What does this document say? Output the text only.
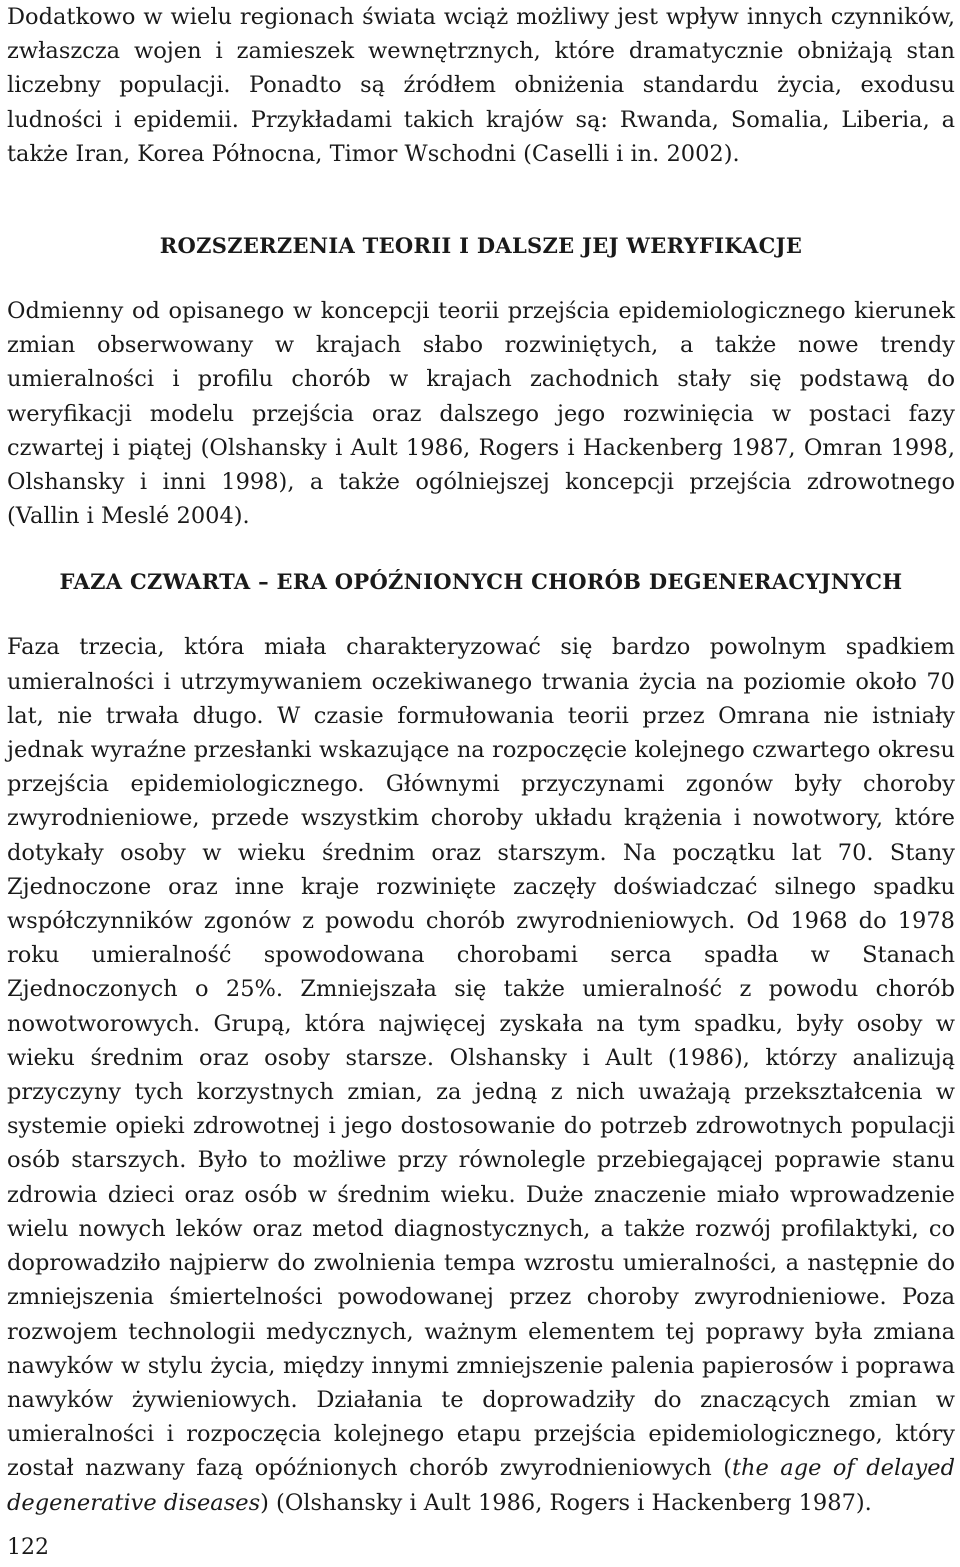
Dodatkowo w wielu regionach świata wciąż możliwy jest wpływ innych czynników, zwłaszcza wojen i zamieszek wewnętrznych, które dramatycznie obniżają stan liczebny populacji. Ponadto są źródłem obniżenia standardu życia, exodusu ludności i epidemii. Przykładami takich krajów są: Rwanda, Somalia, Liberia, a także Iran, Korea Północna, Timor Wschodni (Caselli i in. 2002).

ROZSZERZENIA TEORII I DALSZE JEJ WERYFIKACJE

Odmienny od opisanego w koncepcji teorii przejścia epidemiologicznego kierunek zmian obserwowany w krajach słabo rozwiniętych, a także nowe trendy umieralności i profilu chorób w krajach zachodnich stały się podstawą do weryfikacji modelu przejścia oraz dalszego jego rozwinięcia w postaci fazy czwartej i piątej (Olshansky i Ault 1986, Rogers i Hackenberg 1987, Omran 1998, Olshansky i inni 1998), a także ogólniejszej koncepcji przejścia zdrowotnego (Vallin i Meslé 2004).

FAZA CZWARTA – ERA OPÓŹNIONYCH CHORÓB DEGENERACYJNYCH

Faza trzecia, która miała charakteryzować się bardzo powolnym spadkiem umieralności i utrzymywaniem oczekiwanego trwania życia na poziomie około 70 lat, nie trwała długo. W czasie formułowania teorii przez Omrana nie istniały jednak wyraźne przesłanki wskazujące na rozpoczęcie kolejnego czwartego okresu przejścia epidemiologicznego. Głównymi przyczynami zgonów były choroby zwyrodnieniowe, przede wszystkim choroby układu krążenia i nowotwory, które dotykały osoby w wieku średnim oraz starszym. Na początku lat 70. Stany Zjednoczone oraz inne kraje rozwinięte zaczęły doświadczać silnego spadku współczynników zgonów z powodu chorób zwyrodnieniowych. Od 1968 do 1978 roku umieralność spowodowana chorobami serca spadła w Stanach Zjednoczonych o 25%. Zmniejszała się także umieralność z powodu chorób nowotworowych. Grupą, która najwięcej zyskała na tym spadku, były osoby w wieku średnim oraz osoby starsze. Olshansky i Ault (1986), którzy analizują przyczyny tych korzystnych zmian, za jedną z nich uważają przekształcenia w systemie opieki zdrowotnej i jego dostosowanie do potrzeb zdrowotnych populacji osób starszych. Było to możliwe przy równolegle przebiegającej poprawie stanu zdrowia dzieci oraz osób w średnim wieku. Duże znaczenie miało wprowadzenie wielu nowych leków oraz metod diagnostycznych, a także rozwój profilaktyki, co doprowadziło najpierw do zwolnienia tempa wzrostu umieralności, a następnie do zmniejszenia śmiertelności powodowanej przez choroby zwyrodnieniowe. Poza rozwojem technologii medycznych, ważnym elementem tej poprawy była zmiana nawyków w stylu życia, między innymi zmniejszenie palenia papierosów i poprawa nawyków żywieniowych. Działania te doprowadziły do znaczących zmian w umieralności i rozpoczęcia kolejnego etapu przejścia epidemiologicznego, który został nazwany fazą opóźnionych chorób zwyrodnieniowych (the age of delayed degenerative diseases) (Olshansky i Ault 1986, Rogers i Hackenberg 1987).

122
